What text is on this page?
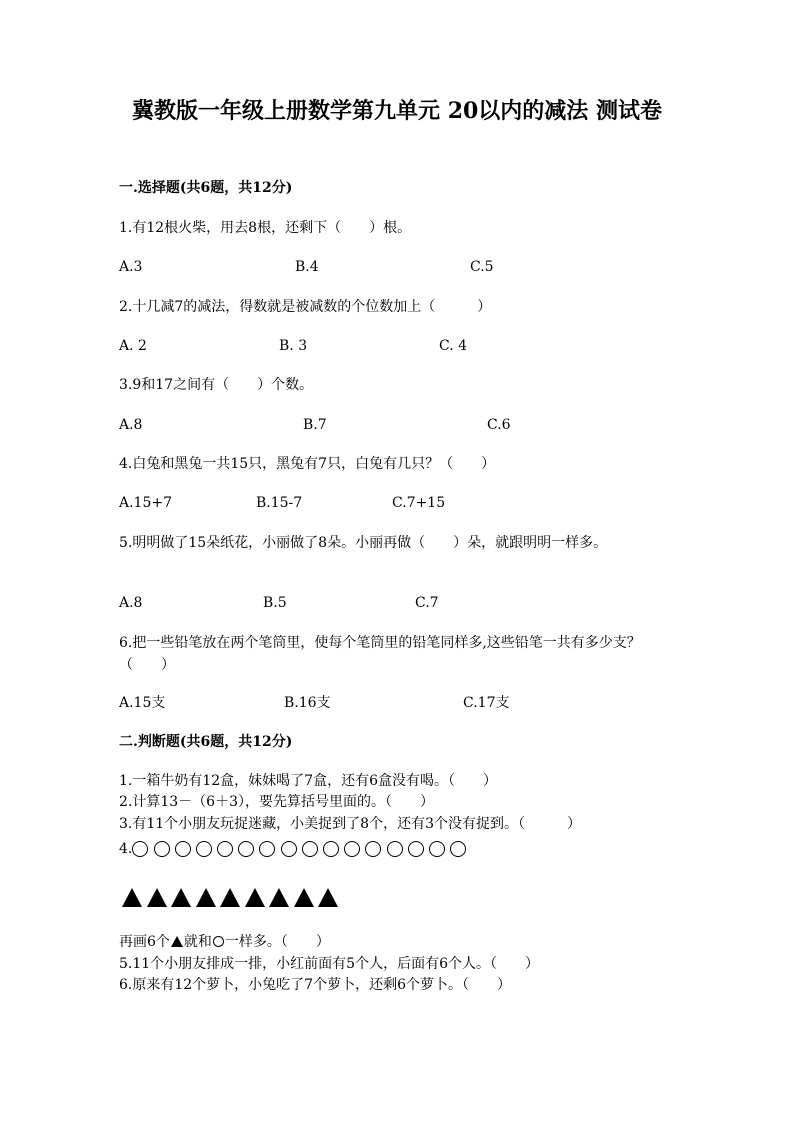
冀教版一年级上册数学第九单元 20以内的减法 测试卷
一.选择题(共6题，共12分)
1.有12根火柴，用去8根，还剩下（　　）根。
A.3	B.4	C.5
2.十几减7的减法，得数就是被减数的个位数加上（　　　）
A. 2	B. 3	C. 4
3.9和17之间有（　　）个数。
A.8	B.7	C.6
4.白兔和黑兔一共15只，黑兔有7只，白兔有几只？（　　）
A.15+7	B.15-7	C.7+15
5.明明做了15朵纸花，小丽做了8朵。小丽再做（　　）朵，就跟明明一样多。
A.8	B.5	C.7
6.把一些铅笔放在两个笔筒里，使每个笔筒里的铅笔同样多,这些铅笔一共有多少支？（　　）
A.15支	B.16支	C.17支
二.判断题(共6题，共12分)
1.一箱牛奶有12盒，妹妹喝了7盒，还有6盒没有喝。（　　）
2.计算13－（6＋3），要先算括号里面的。（　　）
3.有11个小朋友玩捉迷藏，小美捉到了8个，还有3个没有捉到。（　　　）
4.
再画6个 就和 一样多。（　　）
5.11个小朋友排成一排，小红前面有5个人，后面有6个人。（　　）
6.原来有12个萝卜，小兔吃了7个萝卜，还剩6个萝卜。（　　）
